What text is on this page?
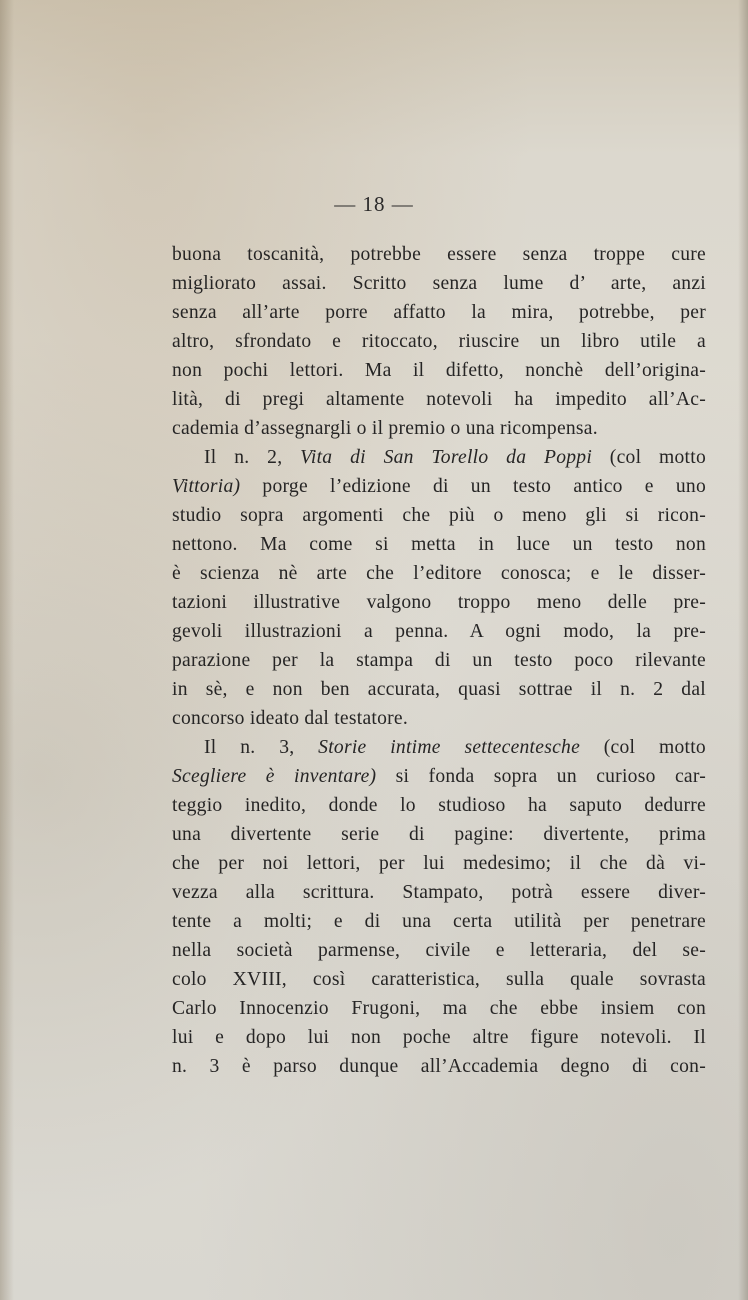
— 18 —
buona toscanità, potrebbe essere senza troppe cure
migliorato assai. Scritto senza lume d’ arte, anzi
senza all’arte porre affatto la mira, potrebbe, per
altro, sfrondato e ritoccato, riuscire un libro utile a
non pochi lettori. Ma il difetto, nonchè dell’origina-
lità, di pregi altamente notevoli ha impedito all’Ac-
cademia d’assegnargli o il premio o una ricompensa.
Il n. 2, Vita di San Torello da Poppi (col motto
Vittoria) porge l’edizione di un testo antico e uno
studio sopra argomenti che più o meno gli si ricon-
nettono. Ma come si metta in luce un testo non
è scienza nè arte che l’editore conosca; e le disser-
tazioni illustrative valgono troppo meno delle pre-
gevoli illustrazioni a penna. A ogni modo, la pre-
parazione per la stampa di un testo poco rilevante
in sè, e non ben accurata, quasi sottrae il n. 2 dal
concorso ideato dal testatore.
Il n. 3, Storie intime settecentesche (col motto
Scegliere è inventare) si fonda sopra un curioso car-
teggio inedito, donde lo studioso ha saputo dedurre
una divertente serie di pagine: divertente, prima
che per noi lettori, per lui medesimo; il che dà vi-
vezza alla scrittura. Stampato, potrà essere diver-
tente a molti; e di una certa utilità per penetrare
nella società parmense, civile e letteraria, del se-
colo XVIII, così caratteristica, sulla quale sovrasta
Carlo Innocenzio Frugoni, ma che ebbe insiem con
lui e dopo lui non poche altre figure notevoli. Il
n. 3 è parso dunque all’Accademia degno di con-
